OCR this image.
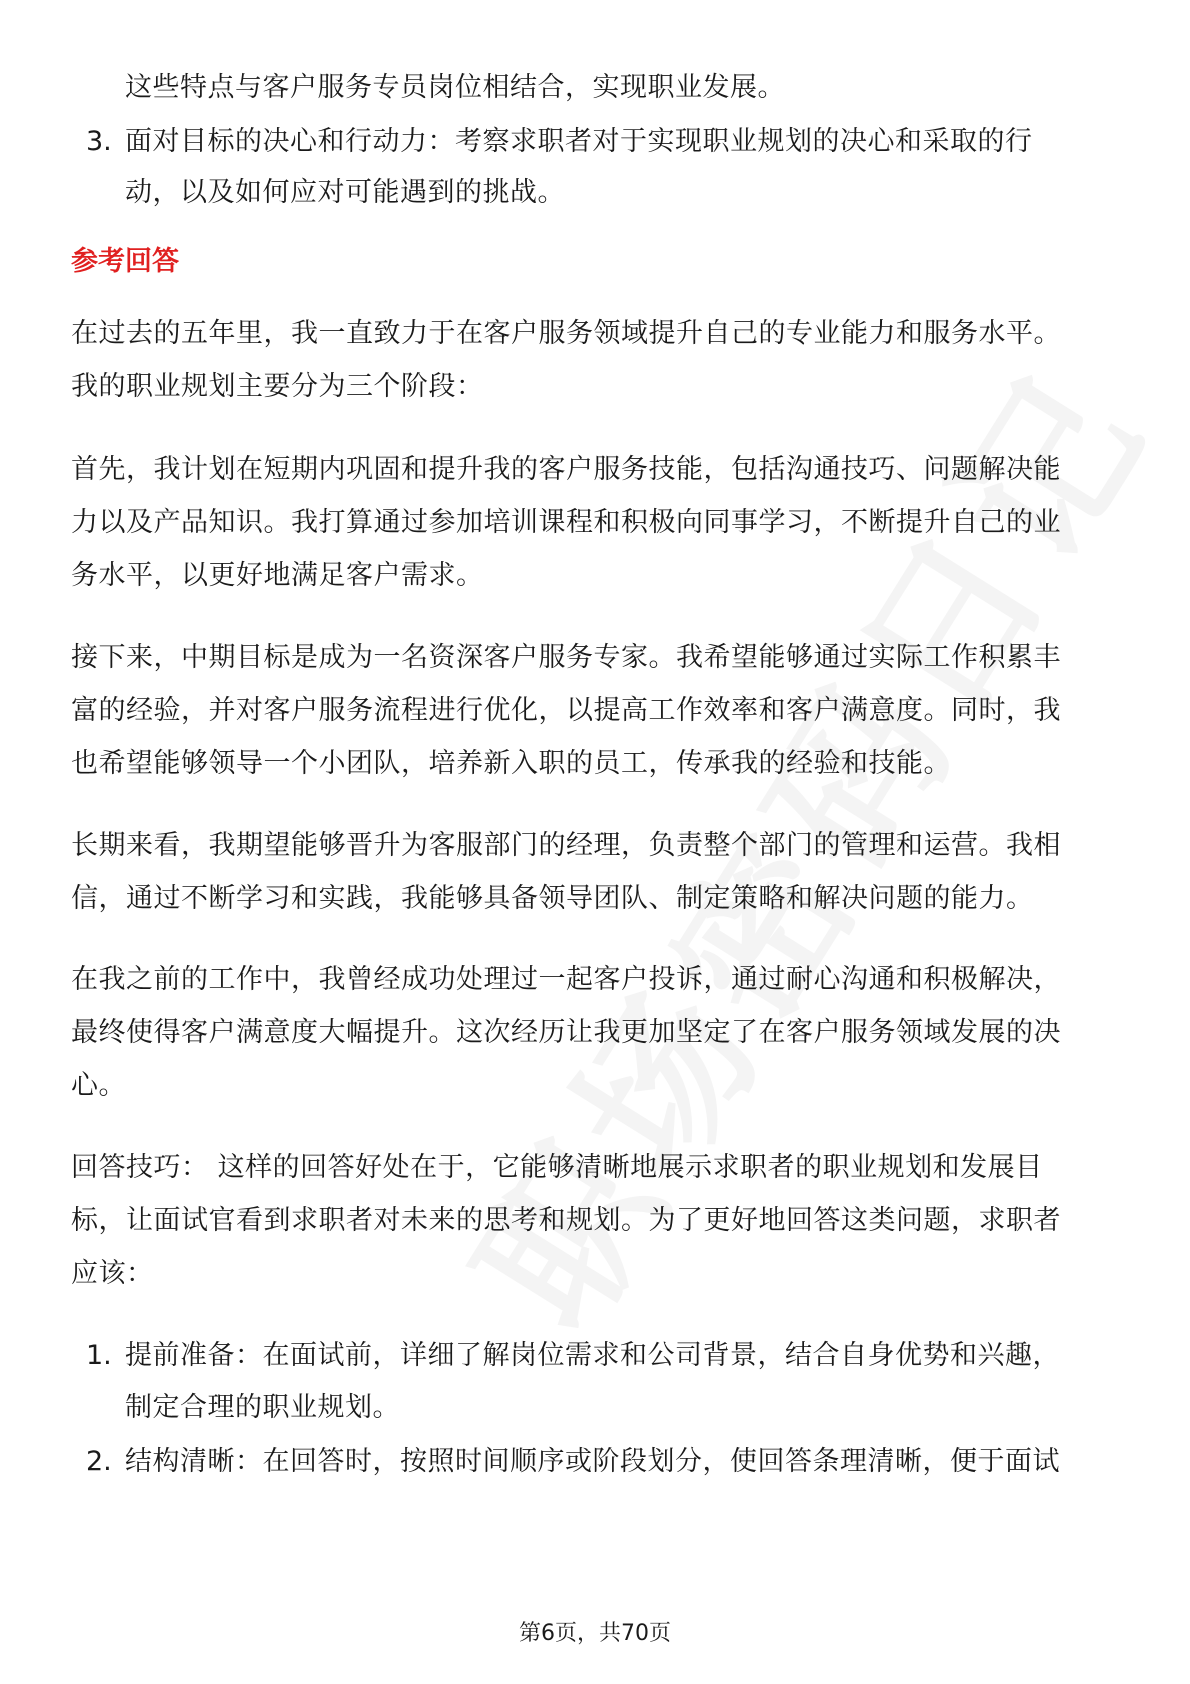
这些特点与客户服务专员岗位相结合，实现职业发展。
3. 面对目标的决心和行动力：考察求职者对于实现职业规划的决心和采取的行
动，以及如何应对可能遇到的挑战。
参考回答
在过去的五年里，我一直致力于在客户服务领域提升自己的专业能力和服务水平。
我的职业规划主要分为三个阶段：
首先，我计划在短期内巩固和提升我的客户服务技能，包括沟通技巧、问题解决能
力以及产品知识。我打算通过参加培训课程和积极向同事学习，不断提升自己的业
务水平，以更好地满足客户需求。
接下来，中期目标是成为一名资深客户服务专家。我希望能够通过实际工作积累丰
富的经验，并对客户服务流程进行优化，以提高工作效率和客户满意度。同时，我
也希望能够领导一个小团队，培养新入职的员工，传承我的经验和技能。
长期来看，我期望能够晋升为客服部门的经理，负责整个部门的管理和运营。我相
信，通过不断学习和实践，我能够具备领导团队、制定策略和解决问题的能力。
在我之前的工作中，我曾经成功处理过一起客户投诉，通过耐心沟通和积极解决，
最终使得客户满意度大幅提升。这次经历让我更加坚定了在客户服务领域发展的决
心。
回答技巧： 这样的回答好处在于，它能够清晰地展示求职者的职业规划和发展目
标，让面试官看到求职者对未来的思考和规划。为了更好地回答这类问题，求职者
应该：
1. 提前准备：在面试前，详细了解岗位需求和公司背景，结合自身优势和兴趣，
制定合理的职业规划。
2. 结构清晰：在回答时，按照时间顺序或阶段划分，使回答条理清晰，便于面试
第6页，共70页
